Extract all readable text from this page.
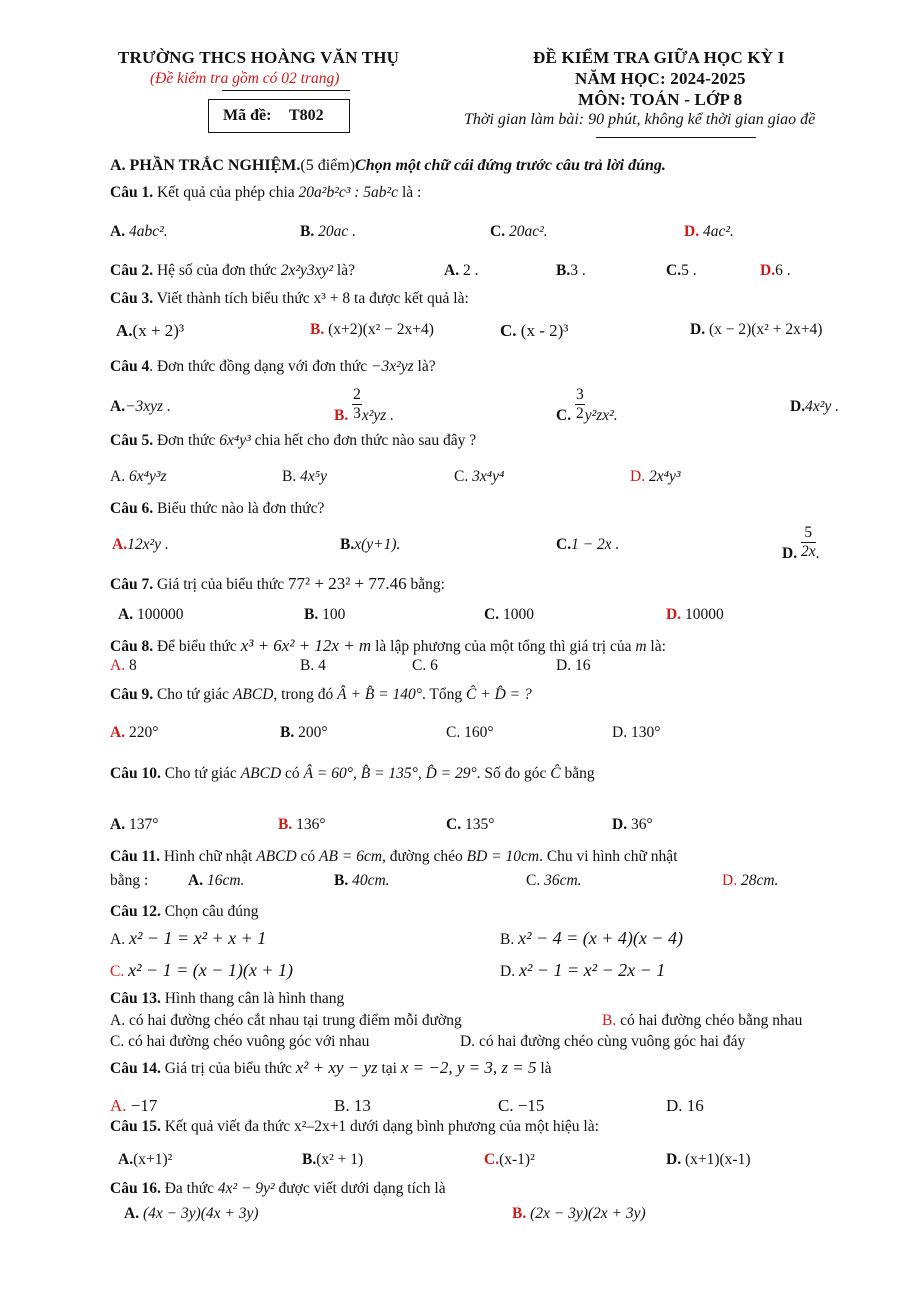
TRƯỜNG THCS HOÀNG VĂN THỤ
(Đề kiểm tra gồm có 02 trang)
Mã đề: T802
ĐỀ KIỂM TRA GIỮA HỌC KỲ I
NĂM HỌC: 2024-2025
MÔN: TOÁN - LỚP 8
Thời gian làm bài: 90 phút, không kể thời gian giao đề
A. PHẦN TRẮC NGHIỆM.(5 điểm)Chọn một chữ cái đứng trước câu trả lời đúng.
Câu 1. Kết quả của phép chia 20a²b²c³ : 5ab²c là :
A. 4abc².	B. 20ac .	C. 20ac².	D. 4ac².
Câu 2. Hệ số của đơn thức 2x²y3xy² là?	A. 2 .	B.3 .	C.5 .	D.6 .
Câu 3. Viết thành tích biểu thức x³ + 8 ta được kết quả là:
A.(x + 2)³	B. (x+2)(x² − 2x+4)	C. (x - 2)³	D. (x − 2)(x² + 2x+4)
Câu 4. Đơn thức đồng dạng với đơn thức −3x²yz là?
A.−3xyz .
B. $\frac{2}{3} x^2yz$ .	C. $\frac{3}{2} y^2zx^2$.
D.4x²y .
Câu 5. Đơn thức 6x⁴y³ chia hết cho đơn thức nào sau đây ?
A. 6x⁴y³z	B. 4x⁵y	C. 3x⁴y⁴	D. 2x⁴y³
Câu 6. Biểu thức nào là đơn thức?
A.12x²y .	B.x(y+1).	C.1 − 2x .
D. $\frac{5}{2x}$ .
Câu 7. Giá trị của biểu thức 77² + 23² + 77.46 bằng:
A. 100000	B. 100	C. 1000	D. 10000
Câu 8. Để biểu thức x³ + 6x² + 12x + m là lập phương của một tổng thì giá trị của m là:
A. 8	B. 4	C. 6	D. 16
Câu 9. Cho tứ giác ABCD, trong đó Â + B̂ = 140°. Tổng Ĉ + D̂ = ?
A. 220°	B. 200°	C. 160°	D. 130°
Câu 10. Cho tứ giác ABCD có Â = 60°, B̂ = 135°, D̂ = 29°. Số đo góc Ĉ bằng
A. 137°	B. 136°	C. 135°	D. 36°
Câu 11. Hình chữ nhật ABCD có AB = 6cm, đường chéo BD = 10cm. Chu vi hình chữ nhật
bằng :	A. 16cm.	B. 40cm.	C. 36cm.	D. 28cm.
Câu 12. Chọn câu đúng
A. x² − 1 = x² + x + 1	B. x² − 4 = (x + 4)(x − 4)
C. x² − 1 = (x − 1)(x + 1)	D. x² − 1 = x² − 2x − 1
Câu 13. Hình thang cân là hình thang
A. có hai đường chéo cắt nhau tại trung điểm mỗi đường	B. có hai đường chéo bằng nhau
C. có hai đường chéo vuông góc với nhau	D. có hai đường chéo cùng vuông góc hai đáy
Câu 14. Giá trị của biểu thức x² + xy − yz tại x = −2, y = 3, z = 5 là
A. −17	B. 13	C. −15	D. 16
Câu 15. Kết quả viết đa thức x²–2x+1 dưới dạng bình phương của một hiệu là:
A.(x+1)²	B.(x² + 1)	C.(x-1)²	D. (x+1)(x-1)
Câu 16. Đa thức 4x² − 9y² được viết dưới dạng tích là
A. (4x − 3y)(4x + 3y)	B. (2x − 3y)(2x + 3y)
